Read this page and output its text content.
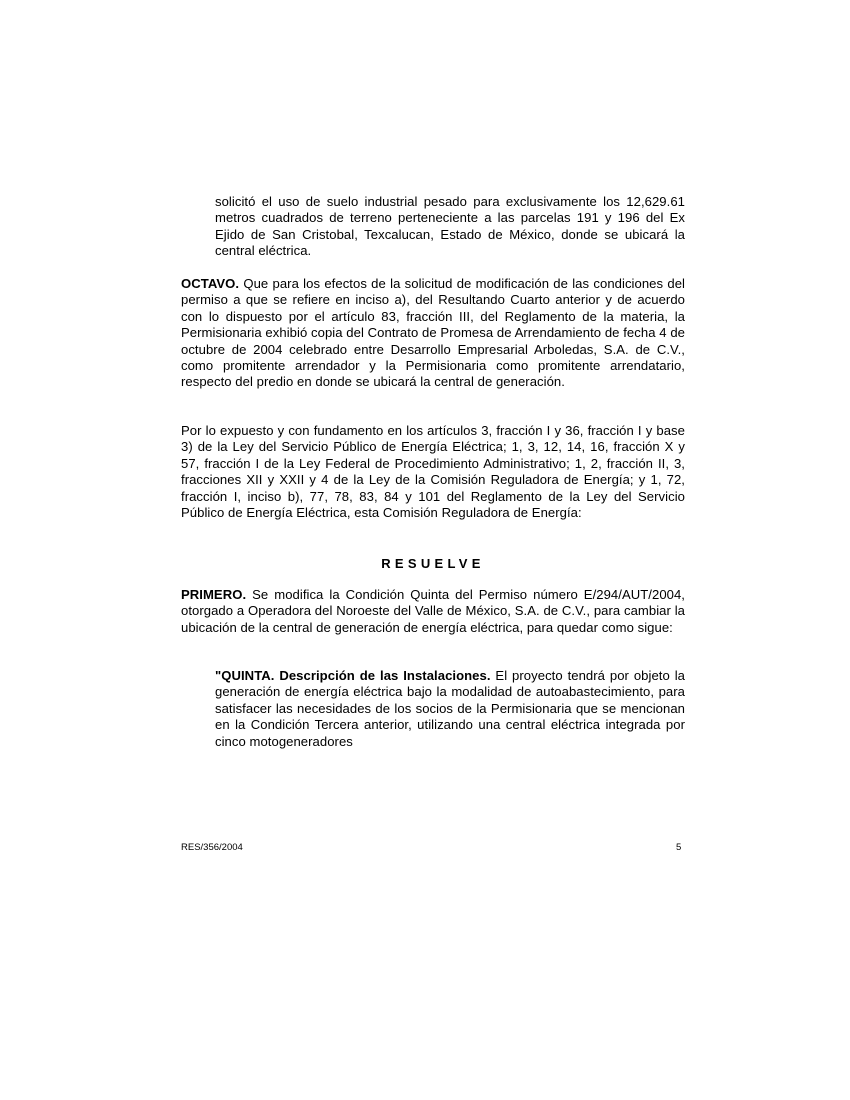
solicitó el uso de suelo industrial pesado para exclusivamente los 12,629.61 metros cuadrados de terreno perteneciente a las parcelas 191 y 196 del Ex Ejido de San Cristobal, Texcalucan, Estado de México, donde se ubicará la central eléctrica.

OCTAVO. Que para los efectos de la solicitud de modificación de las condiciones del permiso a que se refiere en inciso a), del Resultando Cuarto anterior y de acuerdo con lo dispuesto por el artículo 83, fracción III, del Reglamento de la materia, la Permisionaria exhibió copia del Contrato de Promesa de Arrendamiento de fecha 4 de octubre de 2004 celebrado entre Desarrollo Empresarial Arboledas, S.A. de C.V., como promitente arrendador y la Permisionaria como promitente arrendatario, respecto del predio en donde se ubicará la central de generación.

Por lo expuesto y con fundamento en los artículos 3, fracción I y 36, fracción I y base 3) de la Ley del Servicio Público de Energía Eléctrica; 1, 3, 12, 14, 16, fracción X y 57, fracción I de la Ley Federal de Procedimiento Administrativo; 1, 2, fracción II, 3, fracciones XII y XXII y 4 de la Ley de la Comisión Reguladora de Energía; y 1, 72, fracción I, inciso b), 77, 78, 83, 84 y 101 del Reglamento de la Ley del Servicio Público de Energía Eléctrica, esta Comisión Reguladora de Energía:

RESUELVE

PRIMERO. Se modifica la Condición Quinta del Permiso número E/294/AUT/2004, otorgado a Operadora del Noroeste del Valle de México, S.A. de C.V., para cambiar la ubicación de la central de generación de energía eléctrica, para quedar como sigue:

"QUINTA. Descripción de las Instalaciones. El proyecto tendrá por objeto la generación de energía eléctrica bajo la modalidad de autoabastecimiento, para satisfacer las necesidades de los socios de la Permisionaria que se mencionan en la Condición Tercera anterior, utilizando una central eléctrica integrada por cinco motogeneradores

RES/356/2004	5
